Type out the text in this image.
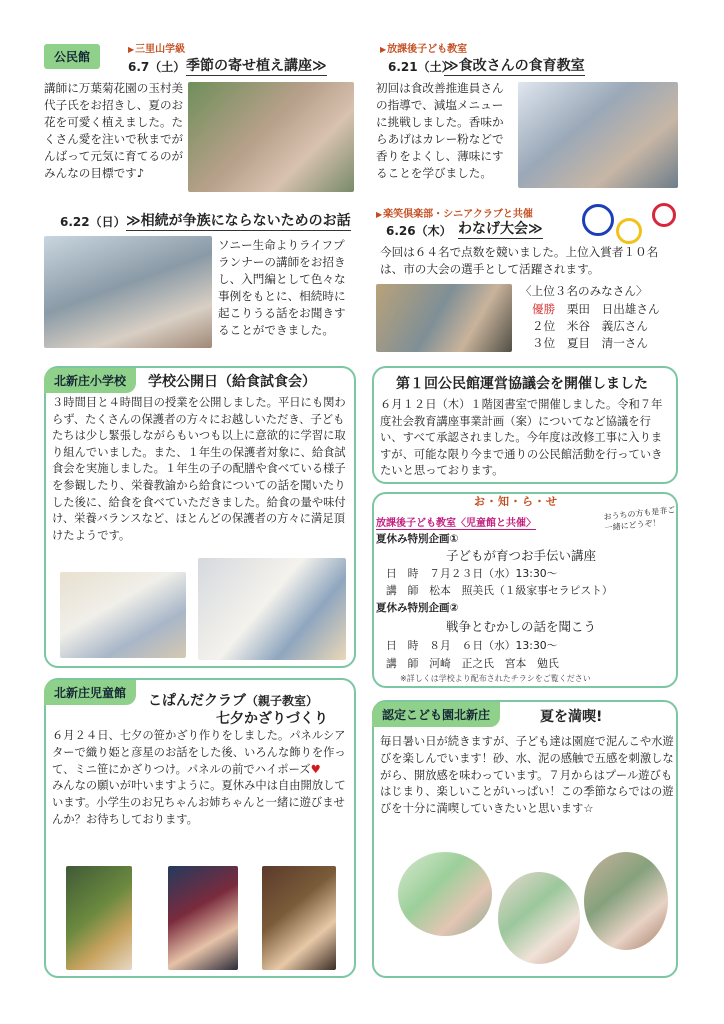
公民館
▶ 三里山学級
6.7（土） 季節の寄せ植え講座≫
講師に万葉菊花園の玉村美代子氏をお招きし、夏のお花を可愛く植えました。たくさん愛を注いで秋までがんばって元気に育てるのがみんなの目標です♪
6.22（日） ≫相続が争族にならないためのお話
ソニー生命よりライフプランナーの講師をお招きし、入門編として色々な事例をもとに、相続時に起こりうる話をお聞きすることができました。
▶ 放課後子ども教室
6.21（土）
≫食改さんの食育教室
初回は食改善推進員さんの指導で、減塩メニューに挑戦しました。香味からあげはカレー粉などで香りをよくし、薄味にすることを学びました。
▶ 楽笑倶楽部・シニアクラブと共催
6.26（木） わなげ大会≫
今回は６４名で点数を競いました。上位入賞者１０名は、市の大会の選手として活躍されます。
〈上位３名のみなさん〉
優勝　 栗田　日出雄さん
２位　 米谷　義広さん
３位　 夏目　清一さん
北新庄小学校	学校公開日（給食試食会）
３時間目と４時間目の授業を公開しました。平日にも関わらず、たくさんの保護者の方々にお越しいただき、子どもたちは少し緊張しながらもいつも以上に意欲的に学習に取り組んでいました。また、１年生の保護者対象に、給食試食会を実施しました。１年生の子の配膳や食べている様子を参観したり、栄養教諭から給食についての話を聞いたりした後に、給食を食べていただきました。給食の量や味付け、栄養バランスなど、ほとんどの保護者の方々に満足頂けたようです。
第１回公民館運営協議会を開催しました
６月１２日（木）１階図書室で開催しました。令和７年度社会教育講座事業計画（案）についてなど協議を行い、すべて承認されました。今年度は改修工事に入りますが、可能な限り今まで通りの公民館活動を行っていきたいと思っております。
お・知・ら・せ
放課後子ども教室〈児童館と共催〉
おうちの方も是非ご一緒にどうぞ！
夏休み特別企画①
子どもが育つお手伝い講座
日　時　 ７月２３日（水）13:30～
講　師　 松本　照美氏（１級家事セラピスト）
夏休み特別企画②
戦争とむかしの話を聞こう
日　時　 ８月　６日（水）13:30～
講　師　 河崎　正之氏　宮本　勉氏
※詳しくは学校より配布されたチラシをご覧ください
北新庄児童館	こぱんだクラブ（親子教室）
七夕かざりづくり
６月２４日、七夕の笹かざり作りをしました。パネルシアターで織り姫と彦星のお話をした後、いろんな飾りを作って、ミニ笹にかざりつけ。パネルの前でハイポーズ♥
みんなの願いが叶いますように。夏休み中は自由開放しています。小学生のお兄ちゃんお姉ちゃんと一緒に遊びませんか？お待ちしております。
認定こども園北新庄	夏を満喫!
毎日暑い日が続きますが、子ども達は園庭で泥んこや水遊びを楽しんでいます！砂、水、泥の感触で五感を刺激しながら、開放感を味わっています。７月からはプール遊びもはじまり、楽しいことがいっぱい！この季節ならではの遊びを十分に満喫していきたいと思います☆
